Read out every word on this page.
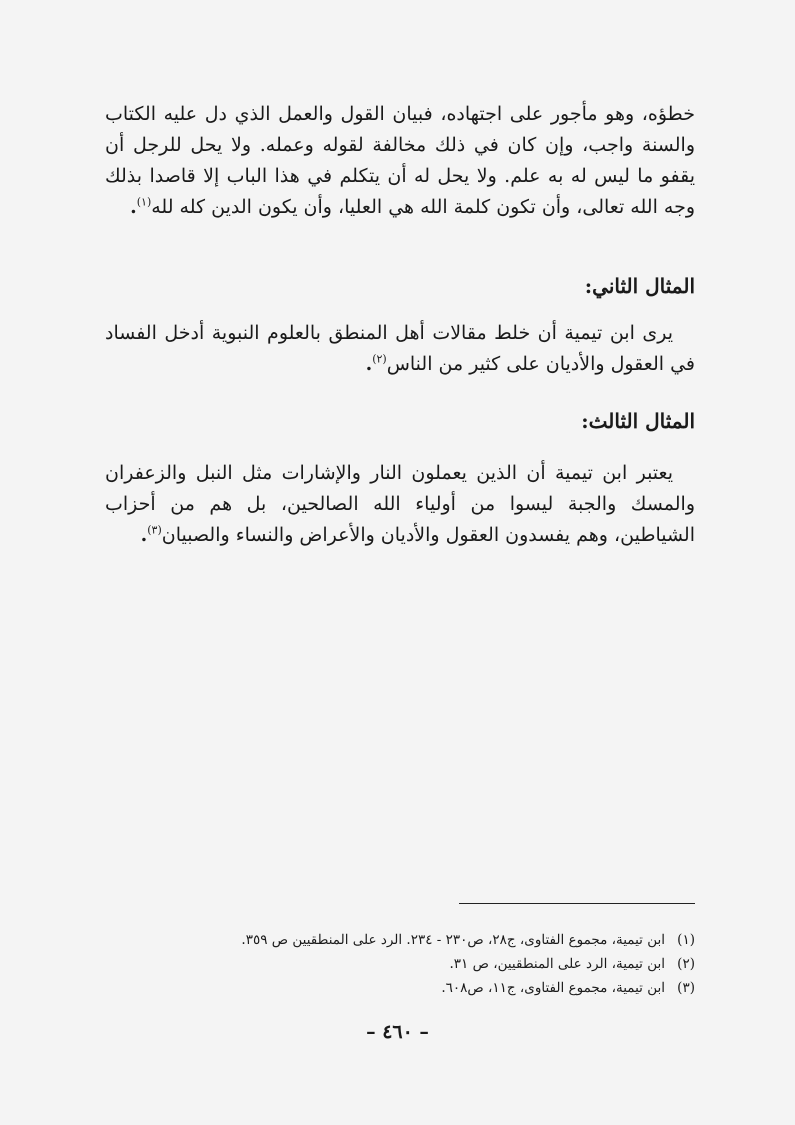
خطؤه، وهو مأجور على اجتهاده، فبيان القول والعمل الذي دل عليه الكتاب والسنة واجب، وإن كان في ذلك مخالفة لقوله وعمله. ولا يحل للرجل أن يقفو ما ليس له به علم. ولا يحل له أن يتكلم في هذا الباب إلا قاصدا بذلك وجه الله تعالى، وأن تكون كلمة الله هي العليا، وأن يكون الدين كله لله$^{(١)}$.

المثال الثاني:

يرى ابن تيمية أن خلط مقالات أهل المنطق بالعلوم النبوية أدخل الفساد في العقول والأديان على كثير من الناس$^{(٢)}$.

المثال الثالث:

يعتبر ابن تيمية أن الذين يعملون النار والإشارات مثل النبل والزعفران والمسك والجبة ليسوا من أولياء الله الصالحين، بل هم من أحزاب الشياطين، وهم يفسدون العقول والأديان والأعراض والنساء والصبيان$^{(٣)}$.

(١)
ابن تيمية، مجموع الفتاوى، ج٢٨، ص٢٣٠ - ٢٣٤. الرد على المنطقيين ص ٣٥٩.
(٢)
ابن تيمية، الرد على المنطقيين، ص ٣١.
(٣)
ابن تيمية، مجموع الفتاوى، ج١١، ص٦٠٨.
– ٤٦٠ –
